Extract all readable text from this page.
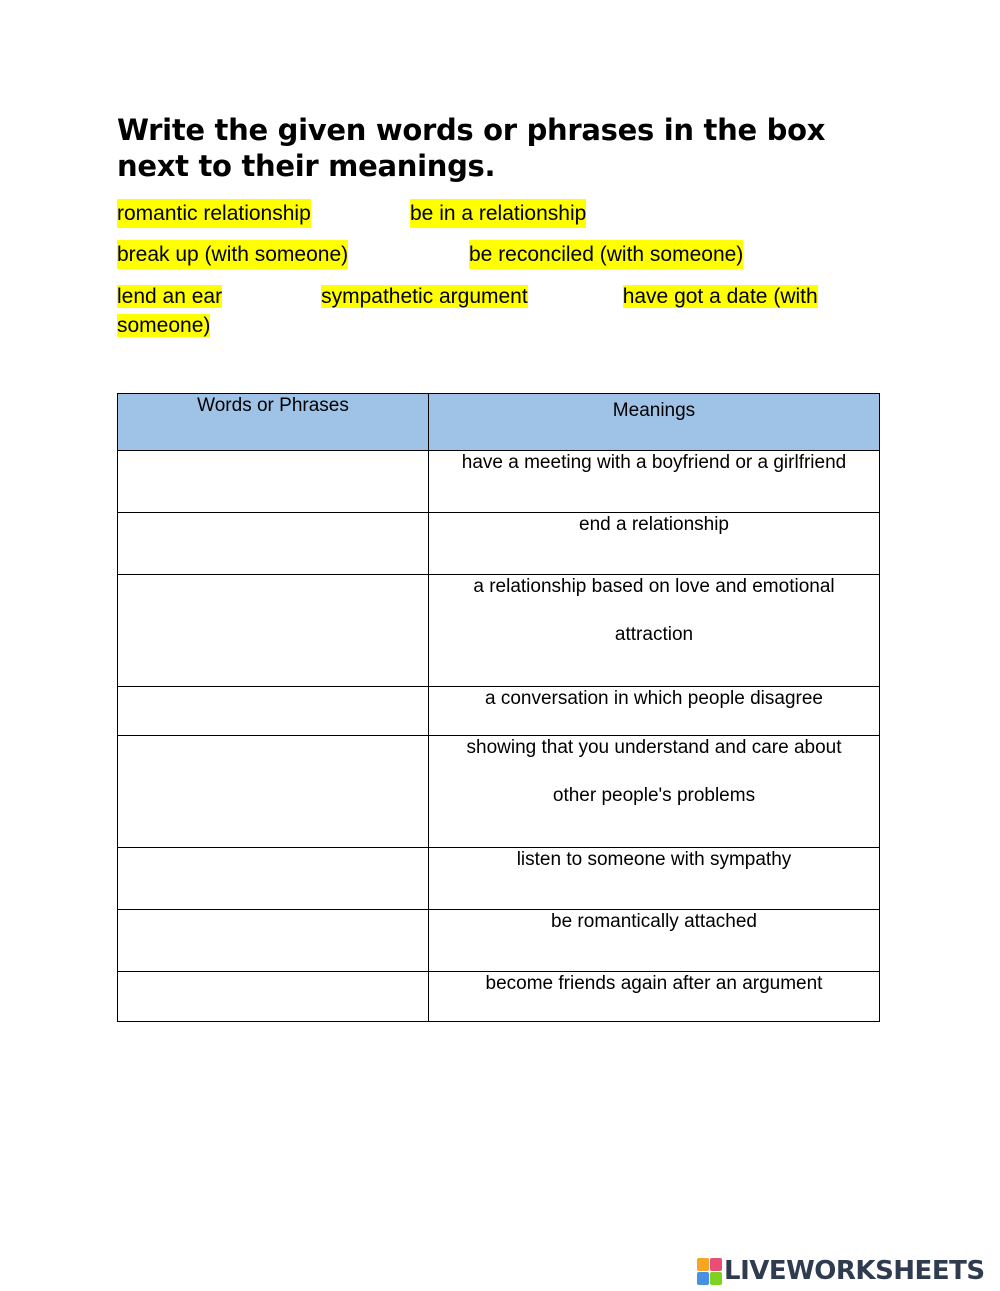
Write the given words or phrases in the box next to their meanings.
romantic relationship	be in a relationship
break up (with someone)	be reconciled (with someone)
lend an ear	sympathetic argument	have got a date (with someone)
Words or Phrases	Meanings

	have a meeting with a boyfriend or a girlfriend
	end a relationship

	a relationship based on love and emotional attraction

	a conversation in which people disagree

	showing that you understand and care about other people's problems

	listen to someone with sympathy
	be romantically attached
	become friends again after an argument
LIVEWORKSHEETS
